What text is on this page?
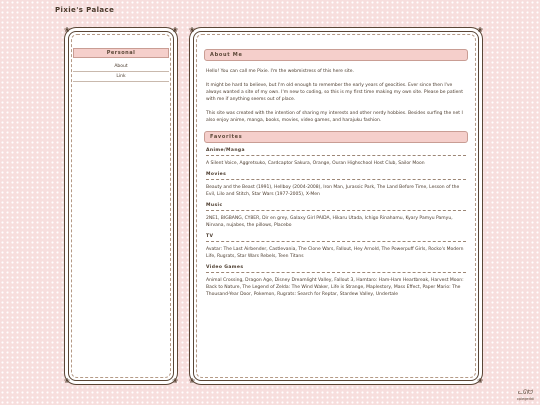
Pixie's Palace
❀	❀
❀	❀
Personal
About
Link
❀	❀
❀	❀
About Me

Hello! You can call me Pixie. I'm the webmistress of this here site.

It might be hard to believe, but I'm old enough to remember the early years of geocities. Ever since then I've always wanted a site of my own. I'm new to coding, so this is my first time making my own site. Please be patient with me if anything seems out of place.

This site was created with the intention of sharing my interests and other nerdy hobbies. Besides surfing the net I also enjoy anime, manga, books, movies, video games, and harajuku fashion.

Favorites
Anime/Manga
A Silent Voice, Aggretsuko, Cardcaptor Sakura, Orange, Ouran Highschool Host Club, Sailor Moon
Movies
Beauty and the Beast (1991), Hellboy (2004-2008), Iron Man, Jurassic Park, The Land Before Time, Lesson of the Evil, Lilo and Stitch, Star Wars (1977-2005), X-Men
Music
2NE1, BIGBANG, CY8ER, Dir en grey, Galaxy Girl PAIDA, Hikaru Utada, Ichigo Rinahamu, Kyary Pamyu Pamyu, Nirvana, nujabes, the pillows, Placebo
TV
Avatar: The Last Airbender, Castlevania, The Clone Wars, Fallout, Hey Arnold, The Powerpuff Girls, Rocko's Modern Life, Rugrats, Star Wars Rebels, Teen Titans
Video Games
Animal Crossing, Dragon Age, Disney Dreamlight Valley, Fallout 3, Hamtaro: Ham-Ham Heartbreak, Harvest Moon: Back to Nature, The Legend of Zelda: The Wind Waker, Life is Strange, Maplestory, Mass Effect, Paper Mario: The Thousand-Year Door, Pokemon, Rugrats: Search for Reptar, Stardew Valley, Undertale
ᓚᘏᗢ
xpiegeddi
